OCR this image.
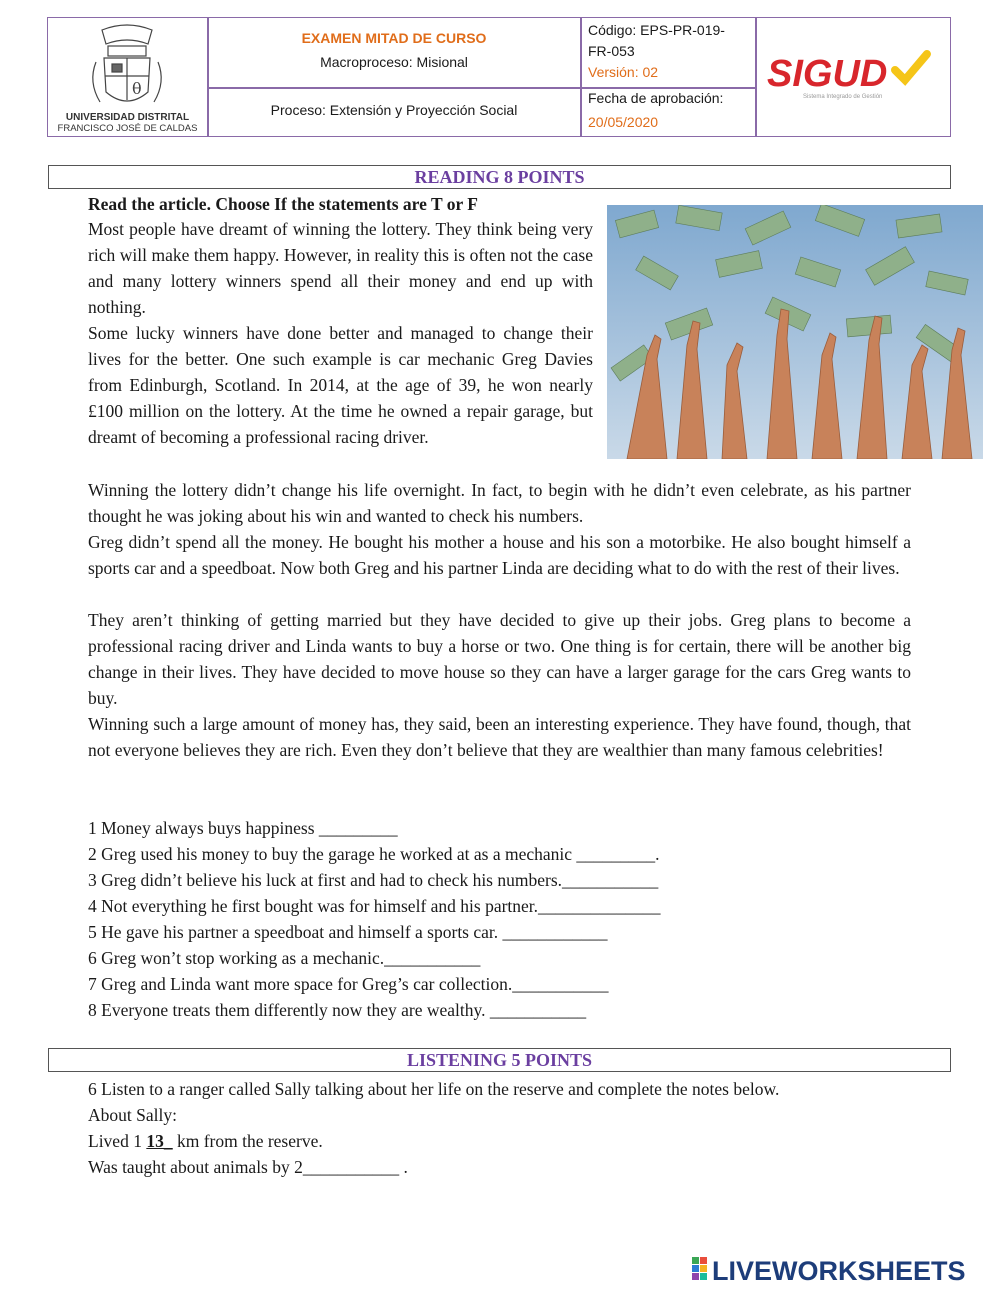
θ
UNIVERSIDAD DISTRITAL
FRANCISCO JOSÉ DE CALDAS
EXAMEN MITAD DE CURSO
Macroproceso: Misional
Proceso: Extensión y Proyección Social
Código: EPS-PR-019-FR-053
Versión: 02
Fecha de aprobación:
20/05/2020
SIGUD
Sistema Integrado de Gestión
READING 8 POINTS
Read the article. Choose If the statements are T or F
Most people have dreamt of winning the lottery. They think being very rich will make them happy. However, in reality this is often not the case and many lottery winners spend all their money and end up with nothing.
Some lucky winners have done better and managed to change their lives for the better. One such example is car mechanic Greg Davies from Edinburgh, Scotland. In 2014, at the age of 39, he won nearly £100 million on the lottery. At the time he owned a repair garage, but dreamt of becoming a professional racing driver.
Winning the lottery didn’t change his life overnight. In fact, to begin with he didn’t even celebrate, as his partner thought he was joking about his win and wanted to check his numbers.
Greg didn’t spend all the money. He bought his mother a house and his son a motorbike. He also bought himself a sports car and a speedboat. Now both Greg and his partner Linda are deciding what to do with the rest of their lives.
They aren’t thinking of getting married but they have decided to give up their jobs. Greg plans to become a professional racing driver and Linda wants to buy a horse or two. One thing is for certain, there will be another big change in their lives. They have decided to move house so they can have a larger garage for the cars Greg wants to buy.
Winning such a large amount of money has, they said, been an interesting experience. They have found, though, that not everyone believes they are rich. Even they don’t believe that they are wealthier than many famous celebrities!
1 Money always buys happiness _________
2 Greg used his money to buy the garage he worked at as a mechanic _________.
3 Greg didn’t believe his luck at first and had to check his numbers.___________
4 Not everything he first bought was for himself and his partner.______________
5 He gave his partner a speedboat and himself a sports car. ____________
6 Greg won’t stop working as a mechanic.___________
7 Greg and Linda want more space for Greg’s car collection.___________
8 Everyone treats them differently now they are wealthy. ___________
LISTENING 5 POINTS
6 Listen to a ranger called Sally talking about her life on the reserve and complete the notes below.
About Sally:
Lived 1 13_ km from the reserve.
Was taught about animals by 2___________ .
LIVEWORKSHEETS
